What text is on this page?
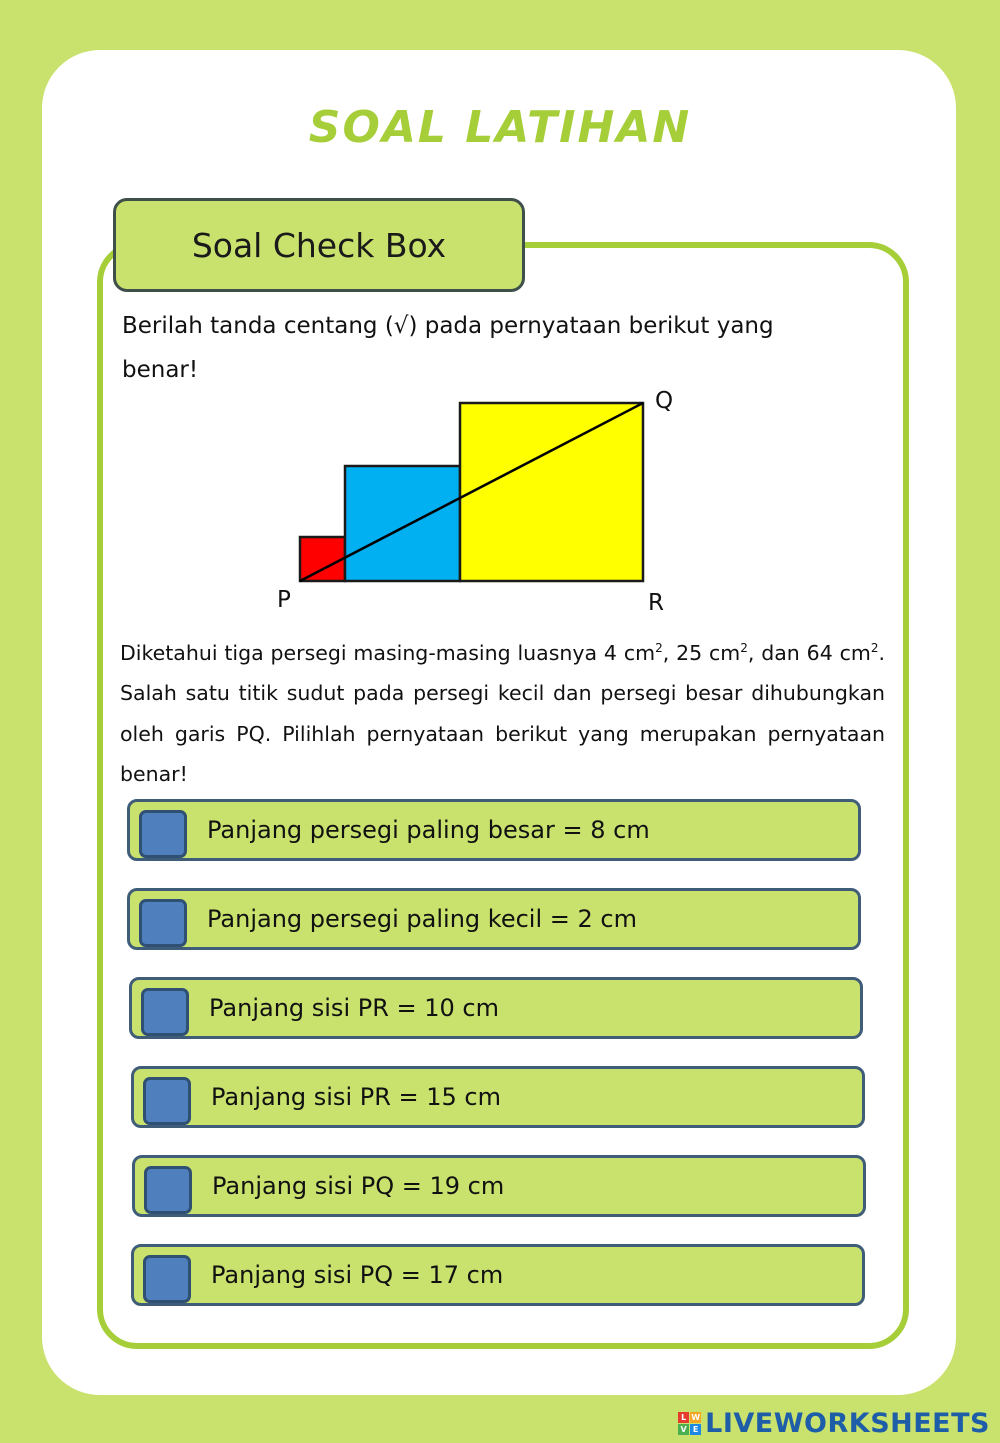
SOAL LATIHAN
Soal Check Box
Berilah tanda centang (√) pada pernyataan berikut yang benar!
P
Q
R
Diketahui tiga persegi masing-masing luasnya 4 $cm^2$, 25 $cm^2$, dan 64 $cm^2$. Salah satu titik sudut pada persegi kecil dan persegi besar dihubungkan oleh garis PQ. Pilihlah pernyataan berikut yang merupakan pernyataan benar!
Panjang persegi paling besar = 8 cm
Panjang persegi paling kecil = 2 cm
Panjang sisi PR = 10 cm
Panjang sisi PR = 15 cm
Panjang sisi PQ = 19 cm
Panjang sisi PQ = 17 cm
L W
V E LIVEWORKSHEETS
